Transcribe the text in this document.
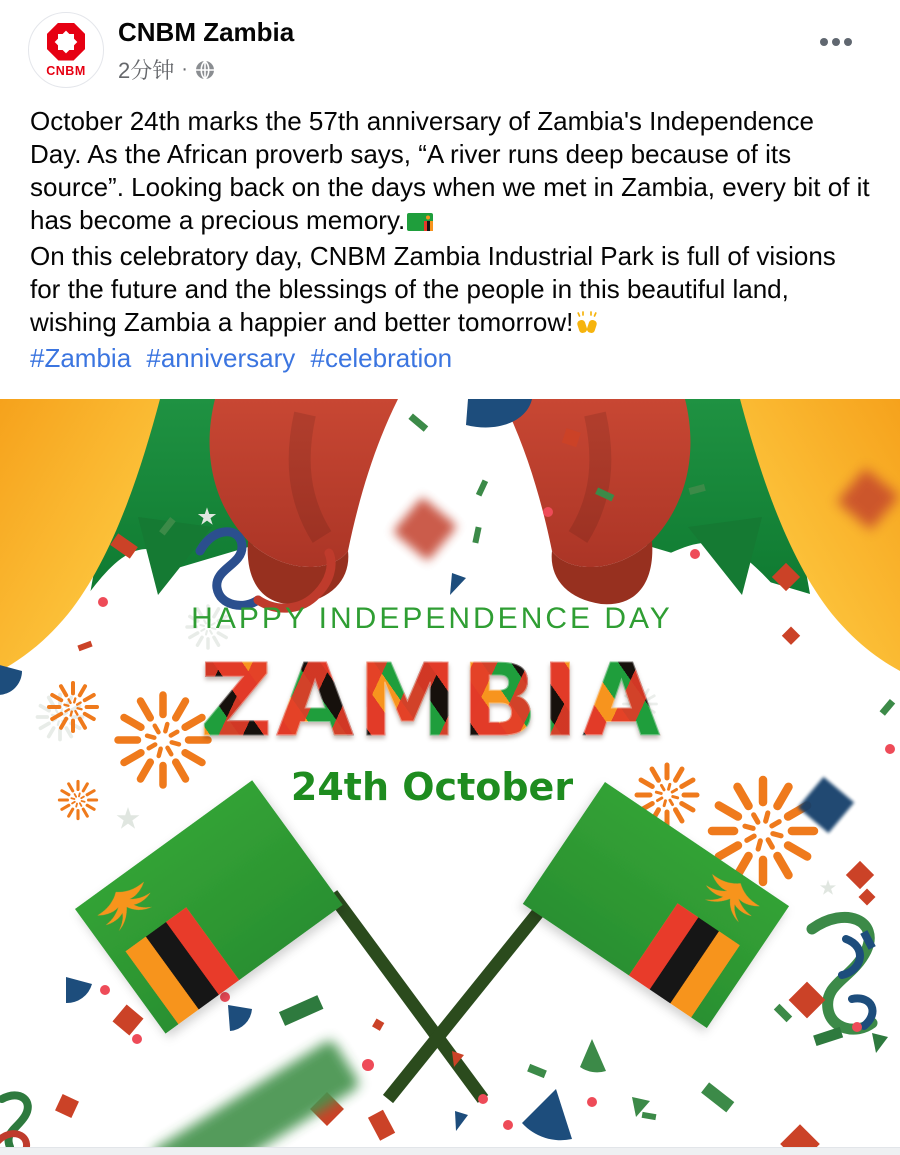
CNBM
CNBM Zambia
2分钟 ·

October 24th marks the 57th anniversary of Zambia's Independence Day. As the African proverb says, “A river runs deep because of its source”. Looking back on the days when we met in Zambia, every bit of it has become a precious memory.

On this celebratory day, CNBM Zambia Industrial Park is full of visions for the future and the blessings of the people in this beautiful land, wishing Zambia a happier and better tomorrow!

#Zambia #anniversary #celebration

HAPPY INDEPENDENCE DAY
24th October
